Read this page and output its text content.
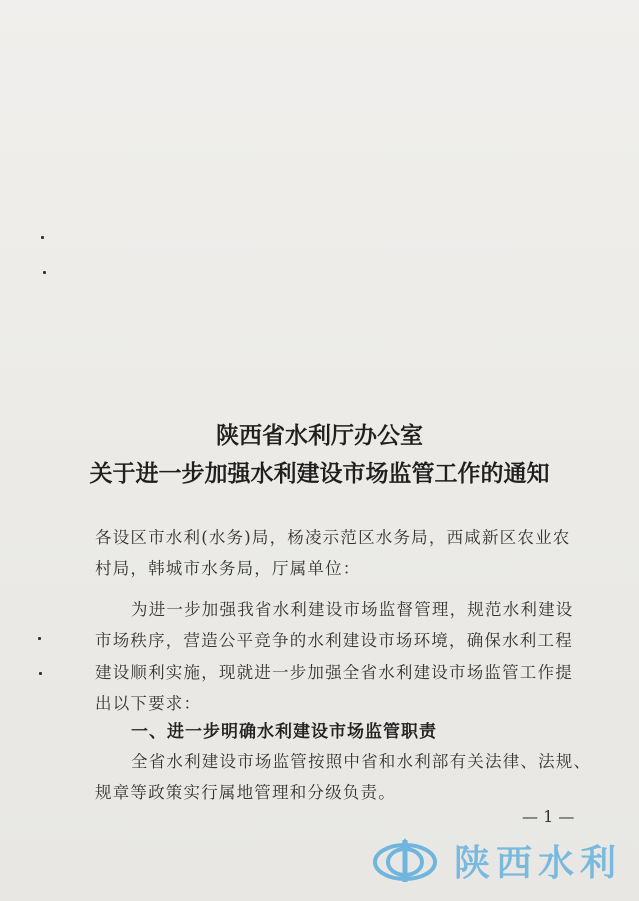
陕西省水利厅办公室
关于进一步加强水利建设市场监管工作的通知
各设区市水利(水务)局，杨凌示范区水务局，西咸新区农业农
村局，韩城市水务局，厅属单位：
为进一步加强我省水利建设市场监督管理，规范水利建设
市场秩序，营造公平竞争的水利建设市场环境，确保水利工程
建设顺利实施，现就进一步加强全省水利建设市场监管工作提
出以下要求：
一、进一步明确水利建设市场监管职责
全省水利建设市场监管按照中省和水利部有关法律、法规、
规章等政策实行属地管理和分级负责。
— 1 —
陕西水利
